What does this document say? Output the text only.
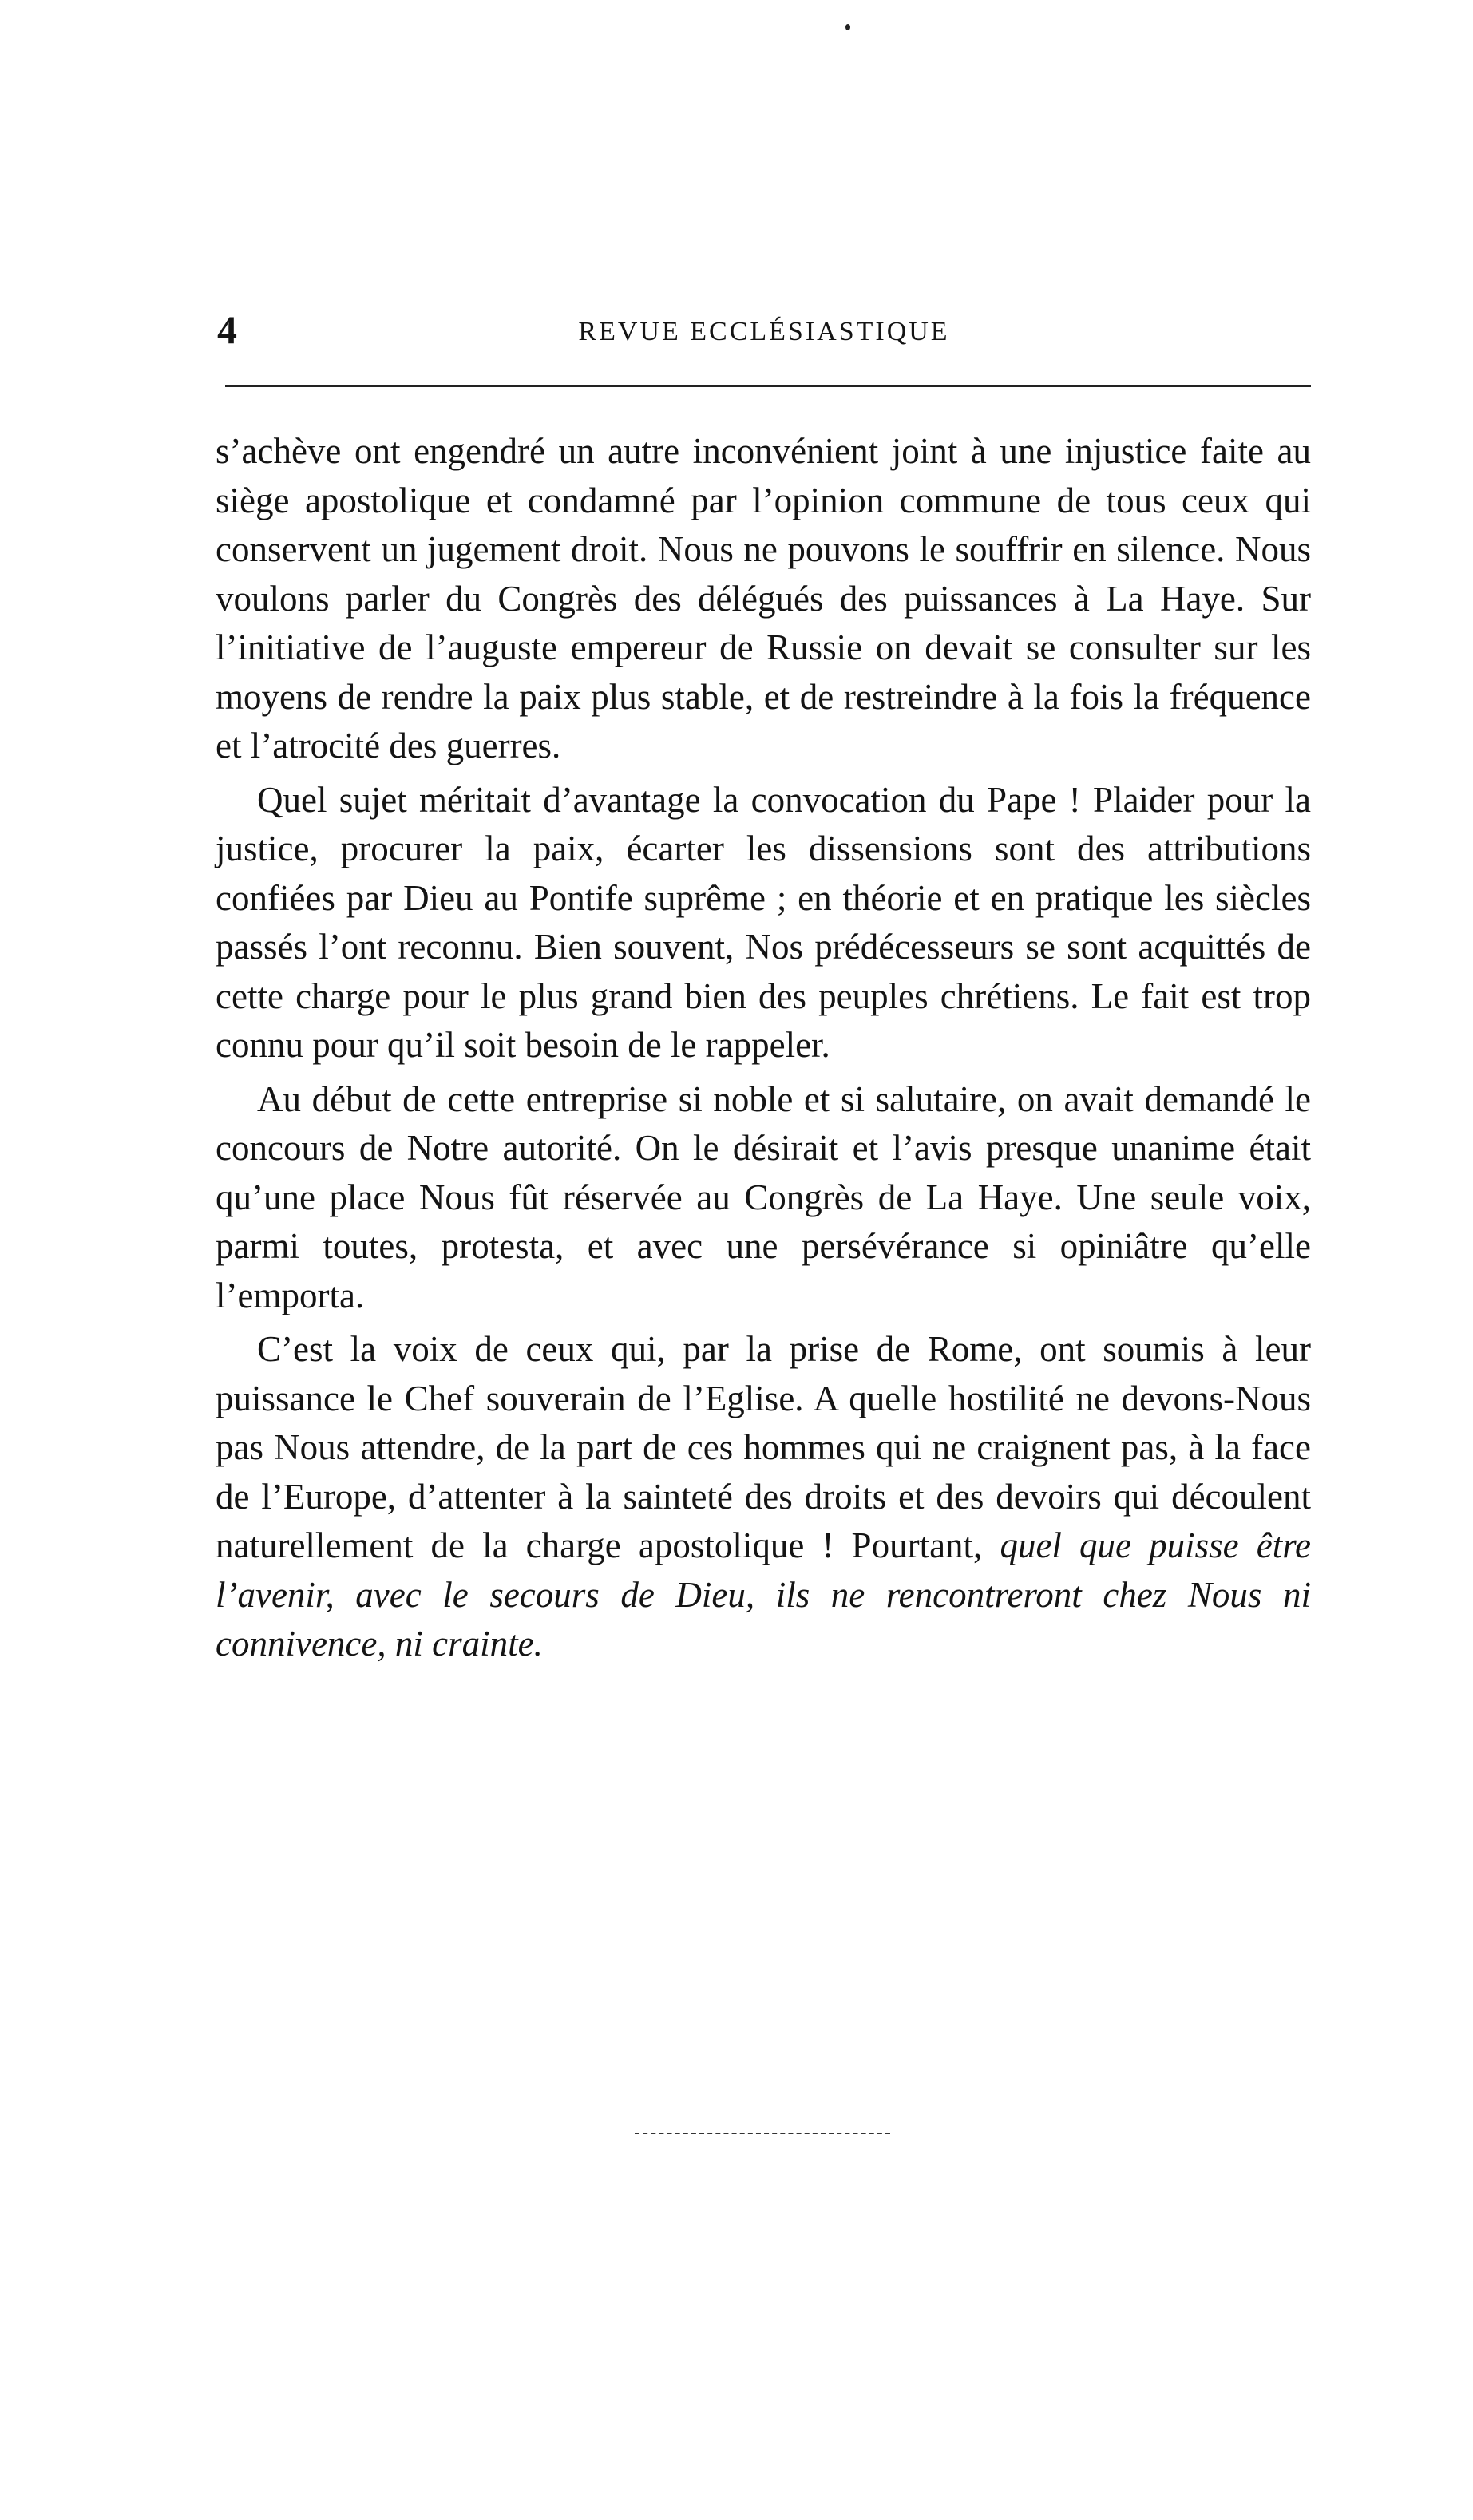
4	REVUE ECCLÉSIASTIQUE

s’achève ont engendré un autre inconvénient joint à une injustice faite au siège apostolique et condamné par l’opinion commune de tous ceux qui conservent un jugement droit. Nous ne pouvons le souffrir en silence. Nous voulons parler du Congrès des délégués des puissances à La Haye. Sur l’initiative de l’auguste empereur de Russie on devait se consulter sur les moyens de rendre la paix plus stable, et de restreindre à la fois la fréquence et l’atrocité des guerres.

Quel sujet méritait d’avantage la convocation du Pape ! Plaider pour la justice, procurer la paix, écarter les dissensions sont des attributions confiées par Dieu au Pontife suprême ; en théorie et en pratique les siècles passés l’ont reconnu. Bien souvent, Nos prédécesseurs se sont acquittés de cette charge pour le plus grand bien des peuples chrétiens. Le fait est trop connu pour qu’il soit besoin de le rappeler.

Au début de cette entreprise si noble et si salutaire, on avait demandé le concours de Notre autorité. On le désirait et l’avis presque unanime était qu’une place Nous fût réservée au Congrès de La Haye. Une seule voix, parmi toutes, protesta, et avec une persévérance si opiniâtre qu’elle l’emporta.

C’est la voix de ceux qui, par la prise de Rome, ont soumis à leur puissance le Chef souverain de l’Eglise. A quelle hostilité ne devons-Nous pas Nous attendre, de la part de ces hommes qui ne craignent pas, à la face de l’Europe, d’attenter à la sainteté des droits et des devoirs qui découlent naturellement de la charge apostolique ! Pourtant, quel que puisse être l’avenir, avec le secours de Dieu, ils ne rencontreront chez Nous ni connivence, ni crainte.
